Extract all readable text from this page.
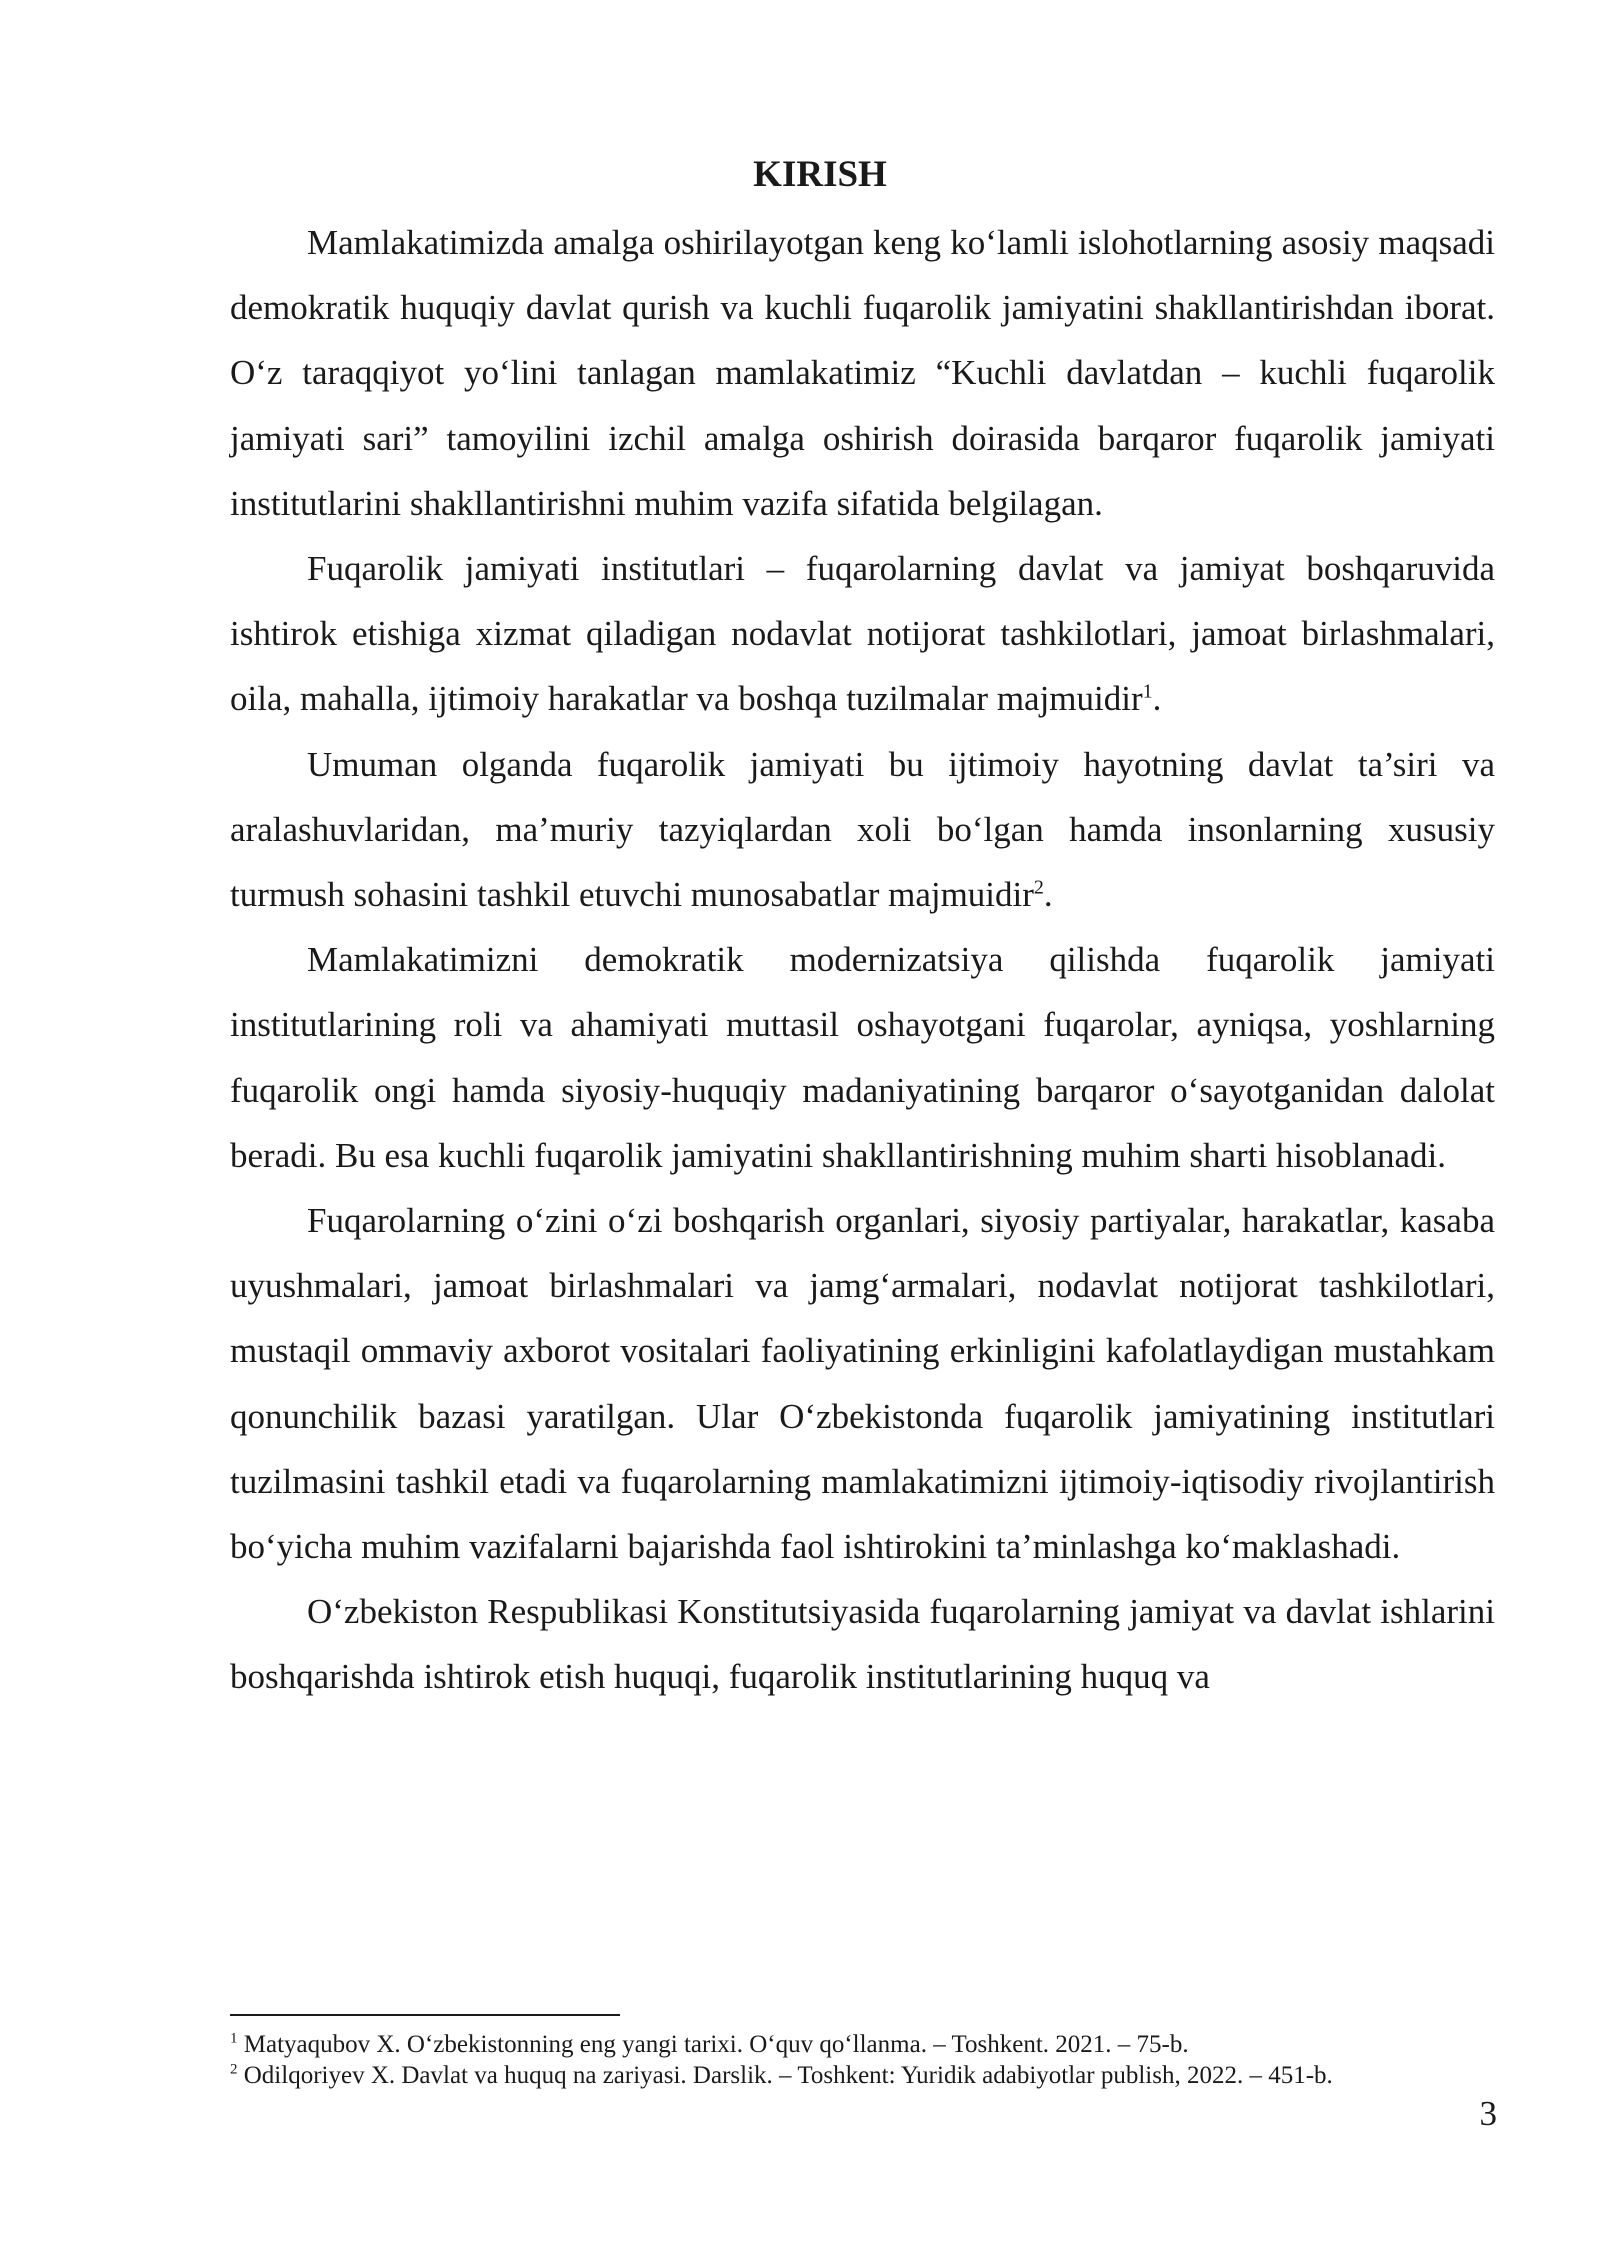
KIRISH

Mamlakatimizda amalga oshirilayotgan keng ko‘lamli islohotlarning asosiy maqsadi demokratik huquqiy davlat qurish va kuchli fuqarolik jamiyatini shakllantirishdan iborat. O‘z taraqqiyot yo‘lini tanlagan mamlakatimiz “Kuchli davlatdan – kuchli fuqarolik jamiyati sari” tamoyilini izchil amalga oshirish doirasida barqaror fuqarolik jamiyati institutlarini shakllantirishni muhim vazifa sifatida belgilagan.

Fuqarolik jamiyati institutlari – fuqarolarning davlat va jamiyat boshqaruvida ishtirok etishiga xizmat qiladigan nodavlat notijorat tashkilotlari, jamoat birlashmalari, oila, mahalla, ijtimoiy harakatlar va boshqa tuzilmalar majmuidir$^1$.

Umuman olganda fuqarolik jamiyati bu ijtimoiy hayotning davlat ta’siri va aralashuvlaridan, ma’muriy tazyiqlardan xoli bo‘lgan hamda insonlarning xususiy turmush sohasini tashkil etuvchi munosabatlar majmuidir$^2$.

Mamlakatimizni demokratik modernizatsiya qilishda fuqarolik jamiyati institutlarining roli va ahamiyati muttasil oshayotgani fuqarolar, ayniqsa, yoshlarning fuqarolik ongi hamda siyosiy-huquqiy madaniyatining barqaror o‘sayotganidan dalolat beradi. Bu esa kuchli fuqarolik jamiyatini shakllantirishning muhim sharti hisoblanadi.

Fuqarolarning o‘zini o‘zi boshqarish organlari, siyosiy partiyalar, harakatlar, kasaba uyushmalari, jamoat birlashmalari va jamg‘armalari, nodavlat notijorat tashkilotlari, mustaqil ommaviy axborot vositalari faoliyatining erkinligini kafolatlaydigan mustahkam qonunchilik bazasi yaratilgan. Ular O‘zbekistonda fuqarolik jamiyatining institutlari tuzilmasini tashkil etadi va fuqarolarning mamlakatimizni ijtimoiy-iqtisodiy rivojlantirish bo‘yicha muhim vazifalarni bajarishda faol ishtirokini ta’minlashga ko‘maklashadi.

O‘zbekiston Respublikasi Konstitutsiyasida fuqarolarning jamiyat va davlat ishlarini boshqarishda ishtirok etish huquqi, fuqarolik institutlarining huquq va

$^1$ Matyaqubov X. O‘zbekistonning eng yangi tarixi. O‘quv qo‘llanma. – Toshkent. 2021. – 75-b.

$^2$ Odilqoriyev X. Davlat va huquq na zariyasi. Darslik. – Toshkent: Yuridik adabiyotlar publish, 2022. – 451-b.

3
